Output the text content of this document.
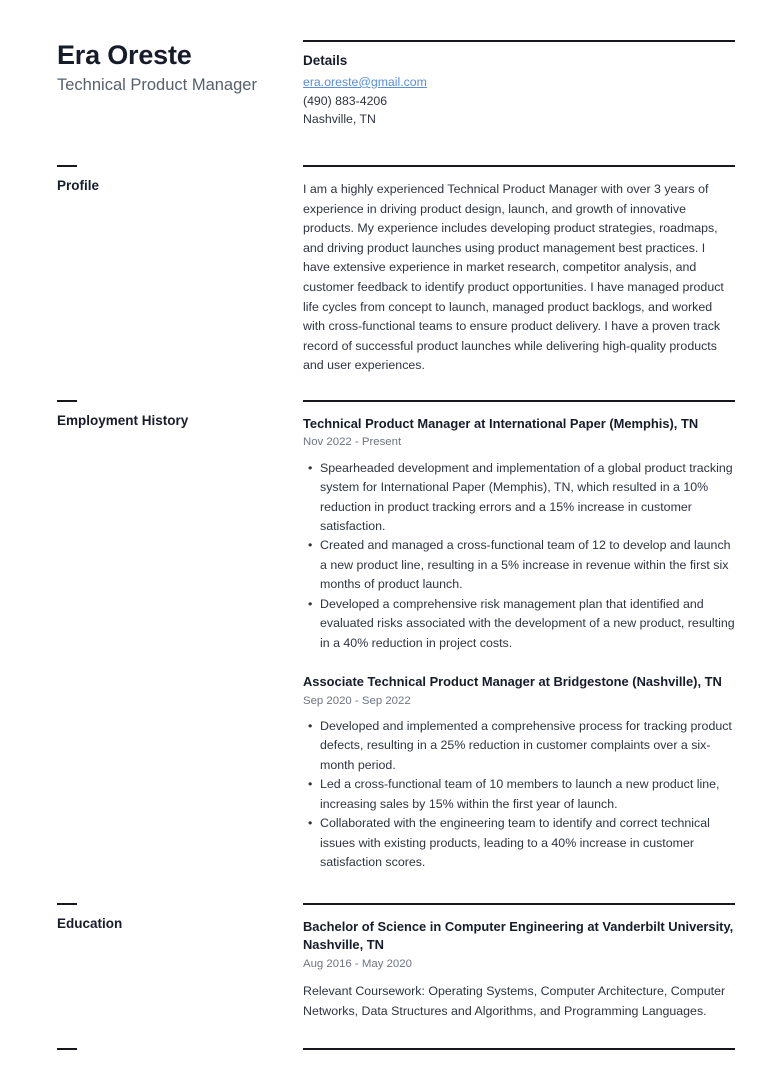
Era Oreste
Technical Product Manager
Details
era.oreste@gmail.com
(490) 883-4206
Nashville, TN
Profile	I am a highly experienced Technical Product Manager with over 3 years of experience in driving product design, launch, and growth of innovative products. My experience includes developing product strategies, roadmaps, and driving product launches using product management best practices. I have extensive experience in market research, competitor analysis, and customer feedback to identify product opportunities. I have managed product life cycles from concept to launch, managed product backlogs, and worked with cross-functional teams to ensure product delivery. I have a proven track record of successful product launches while delivering high-quality products and user experiences.

Employment History	Technical Product Manager at International Paper (Memphis), TN
Nov 2022 - Present
• Spearheaded development and implementation of a global product tracking system for International Paper (Memphis), TN, which resulted in a 10% reduction in product tracking errors and a 15% increase in customer satisfaction.
• Created and managed a cross-functional team of 12 to develop and launch a new product line, resulting in a 5% increase in revenue within the first six months of product launch.
• Developed a comprehensive risk management plan that identified and evaluated risks associated with the development of a new product, resulting in a 40% reduction in project costs.
Associate Technical Product Manager at Bridgestone (Nashville), TN
Sep 2020 - Sep 2022
• Developed and implemented a comprehensive process for tracking product defects, resulting in a 25% reduction in customer complaints over a six-month period.
• Led a cross-functional team of 10 members to launch a new product line, increasing sales by 15% within the first year of launch.
• Collaborated with the engineering team to identify and correct technical issues with existing products, leading to a 40% increase in customer satisfaction scores.
Education	Bachelor of Science in Computer Engineering at Vanderbilt University, Nashville, TN
Aug 2016 - May 2020

Relevant Coursework: Operating Systems, Computer Architecture, Computer Networks, Data Structures and Algorithms, and Programming Languages.
